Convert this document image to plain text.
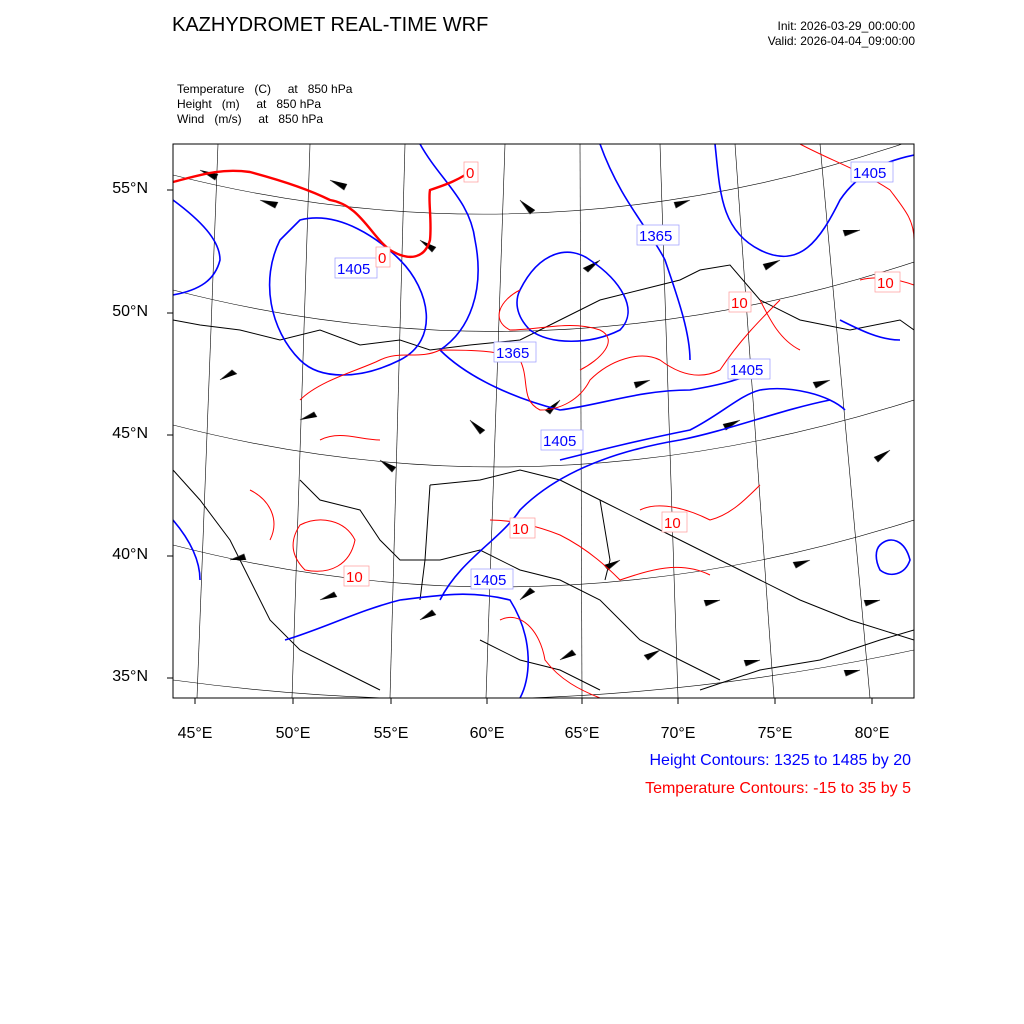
KAZHYDROMET REAL-TIME WRF	Init: 2026-03-29_00:00:00
Valid: 2026-04-04_09:00:00
Temperature   (C)     at   850 hPa
Height   (m)     at   850 hPa
Wind   (m/s)     at   850 hPa
1405
1365
1365
1405
1405
1405
1405
0
0
10
10
10	10
10
55°N
50°N
45°N
40°N
35°N
45°E	50°E	55°E	60°E	65°E	70°E	75°E	80°E
Height Contours: 1325 to 1485 by 20
Temperature Contours: -15 to 35 by 5
